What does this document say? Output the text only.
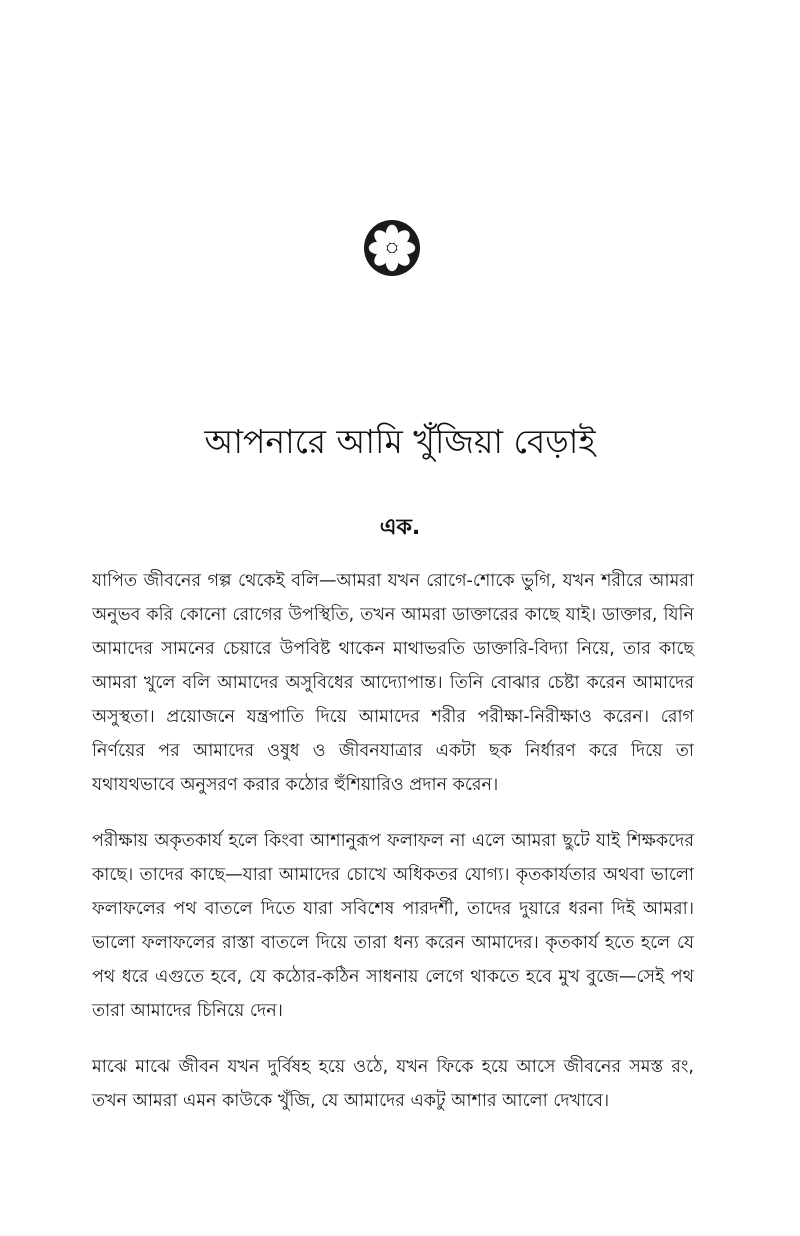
আপনারে আমি খুঁজিয়া বেড়াই
এক.

যাপিত জীবনের গল্প থেকেই বলি—আমরা যখন রোগে-শোকে ভুগি, যখন শরীরে আমরা অনুভব করি কোনো রোগের উপস্থিতি, তখন আমরা ডাক্তারের কাছে যাই। ডাক্তার, যিনি আমাদের সামনের চেয়ারে উপবিষ্ট থাকেন মাথাভরতি ডাক্তারি-বিদ্যা নিয়ে, তার কাছে আমরা খুলে বলি আমাদের অসুবিধের আদ্যোপান্ত। তিনি বোঝার চেষ্টা করেন আমাদের অসুস্থতা। প্রয়োজনে যন্ত্রপাতি দিয়ে আমাদের শরীর পরীক্ষা-নিরীক্ষাও করেন। রোগ নির্ণয়ের পর আমাদের ওষুধ ও জীবনযাত্রার একটা ছক নির্ধারণ করে দিয়ে তা যথাযথভাবে অনুসরণ করার কঠোর হুঁশিয়ারিও প্রদান করেন।

পরীক্ষায় অকৃতকার্য হলে কিংবা আশানুরূপ ফলাফল না এলে আমরা ছুটে যাই শিক্ষকদের কাছে। তাদের কাছে—যারা আমাদের চোখে অধিকতর যোগ্য। কৃতকার্যতার অথবা ভালো ফলাফলের পথ বাতলে দিতে যারা সবিশেষ পারদর্শী, তাদের দুয়ারে ধরনা দিই আমরা। ভালো ফলাফলের রাস্তা বাতলে দিয়ে তারা ধন্য করেন আমাদের। কৃতকার্য হতে হলে যে পথ ধরে এগুতে হবে, যে কঠোর-কঠিন সাধনায় লেগে থাকতে হবে মুখ বুজে—সেই পথ তারা আমাদের চিনিয়ে দেন।

মাঝে মাঝে জীবন যখন দুর্বিষহ হয়ে ওঠে, যখন ফিকে হয়ে আসে জীবনের সমস্ত রং, তখন আমরা এমন কাউকে খুঁজি, যে আমাদের একটু আশার আলো দেখাবে।
